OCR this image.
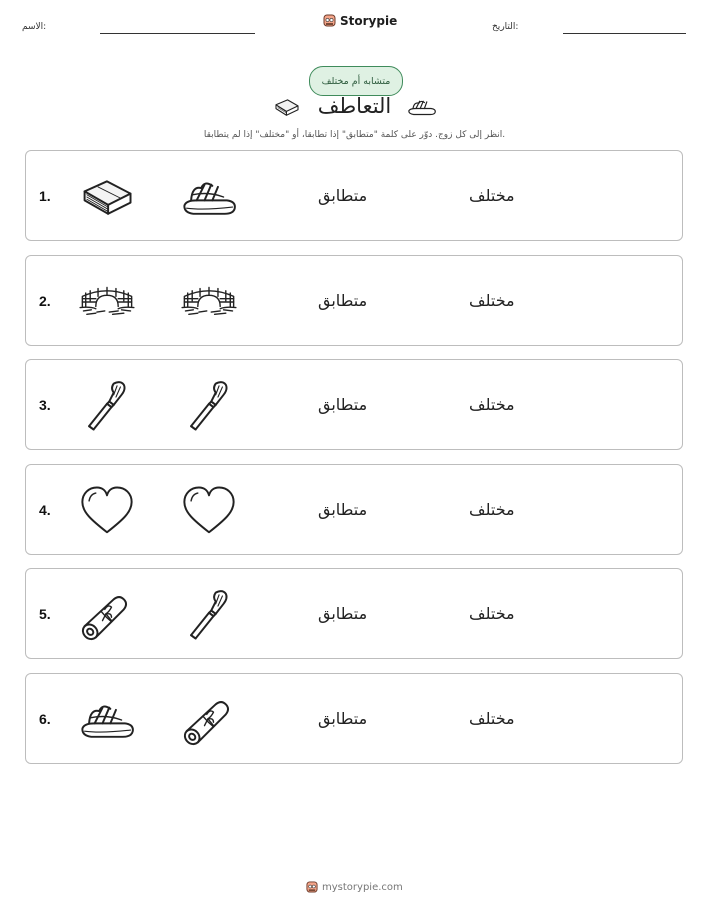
الاسم:	Storypie	التاريخ:
متشابه أم مختلف
التعاطف
انظر إلى كل زوج. دوّر على كلمة "متطابق" إذا تطابقا، أو "مختلف" إذا لم يتطابقا.
1.	متطابق	مختلف
2.	متطابق	مختلف
3.	متطابق	مختلف
4.	متطابق	مختلف
5.	متطابق	مختلف
6.	متطابق	مختلف
mystorypie.com
